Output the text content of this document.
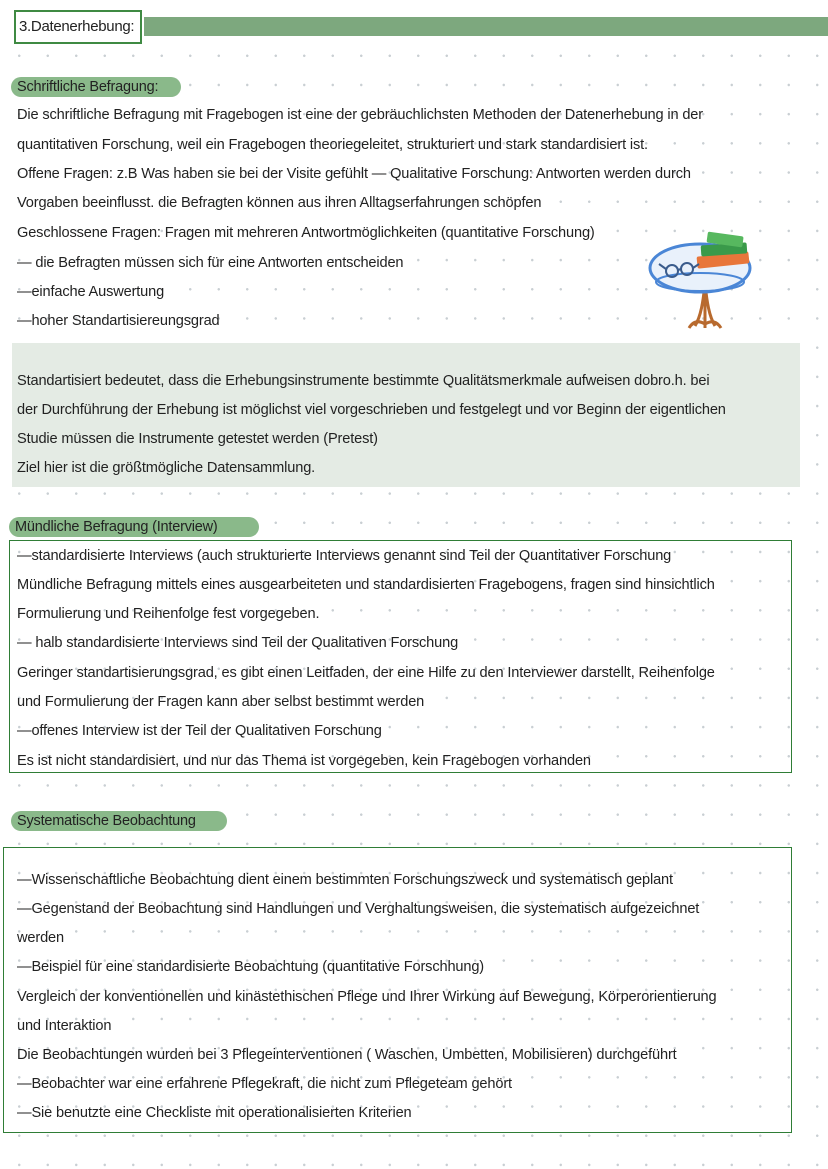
3.Datenerhebung:
Schriftliche Befragung:
Die schriftliche Befragung mit Fragebogen ist eine der gebräuchlichsten Methoden der Datenerhebung in der
quantitativen Forschung, weil ein Fragebogen theoriegeleitet, strukturiert und stark standardisiert ist.
Offene Fragen: z.B Was haben sie bei der Visite gefühlt — Qualitative Forschung: Antworten werden durch
Vorgaben beeinflusst. die Befragten können aus ihren Alltagserfahrungen schöpfen
Geschlossene Fragen: Fragen mit mehreren Antwortmöglichkeiten (quantitative Forschung)
— die Befragten müssen sich für eine Antworten entscheiden
—einfache Auswertung
—hoher Standartisiereungsgrad
Standartisiert bedeutet, dass die Erhebungsinstrumente bestimmte Qualitätsmerkmale aufweisen dobro.h. bei
der Durchführung der Erhebung ist möglichst viel vorgeschrieben und festgelegt und vor Beginn der eigentlichen
Studie müssen die Instrumente getestet werden (Pretest)
Ziel hier ist die größtmögliche Datensammlung.
Mündliche Befragung (Interview)
—standardisierte Interviews (auch strukturierte Interviews genannt sind Teil der Quantitativer Forschung
Mündliche Befragung mittels eines ausgearbeiteten und standardisierten Fragebogens, fragen sind hinsichtlich
Formulierung und Reihenfolge fest vorgegeben.
— halb standardisierte Interviews sind Teil der Qualitativen Forschung
Geringer standartisierungsgrad, es gibt einen Leitfaden, der eine Hilfe zu den Interviewer darstellt, Reihenfolge
und Formulierung der Fragen kann aber selbst bestimmt werden
—offenes Interview ist der Teil der Qualitativen Forschung
Es ist nicht standardisiert, und nur das Thema ist vorgegeben, kein Fragebogen vorhanden
Systematische Beobachtung
—Wissenschaftliche Beobachtung dient einem bestimmten Forschungszweck und systematisch geplant
—Gegenstand der Beobachtung sind Handlungen und Verghaltungsweisen, die systematisch aufgezeichnet
werden
—Beispiel für eine standardisierte Beobachtung (quantitative Forschhung)
Vergleich der konventionellen und kinästethischen Pflege und Ihrer Wirkung auf Bewegung, Körperorientierung
und Interaktion
Die Beobachtungen wurden bei 3 Pflegeinterventionen ( Waschen, Umbetten, Mobilisieren) durchgeführt
—Beobachter war eine erfahrene Pflegekraft, die nicht zum Pflegeteam gehört
—Sie benutzte eine Checkliste mit operationalisierten Kriterien
